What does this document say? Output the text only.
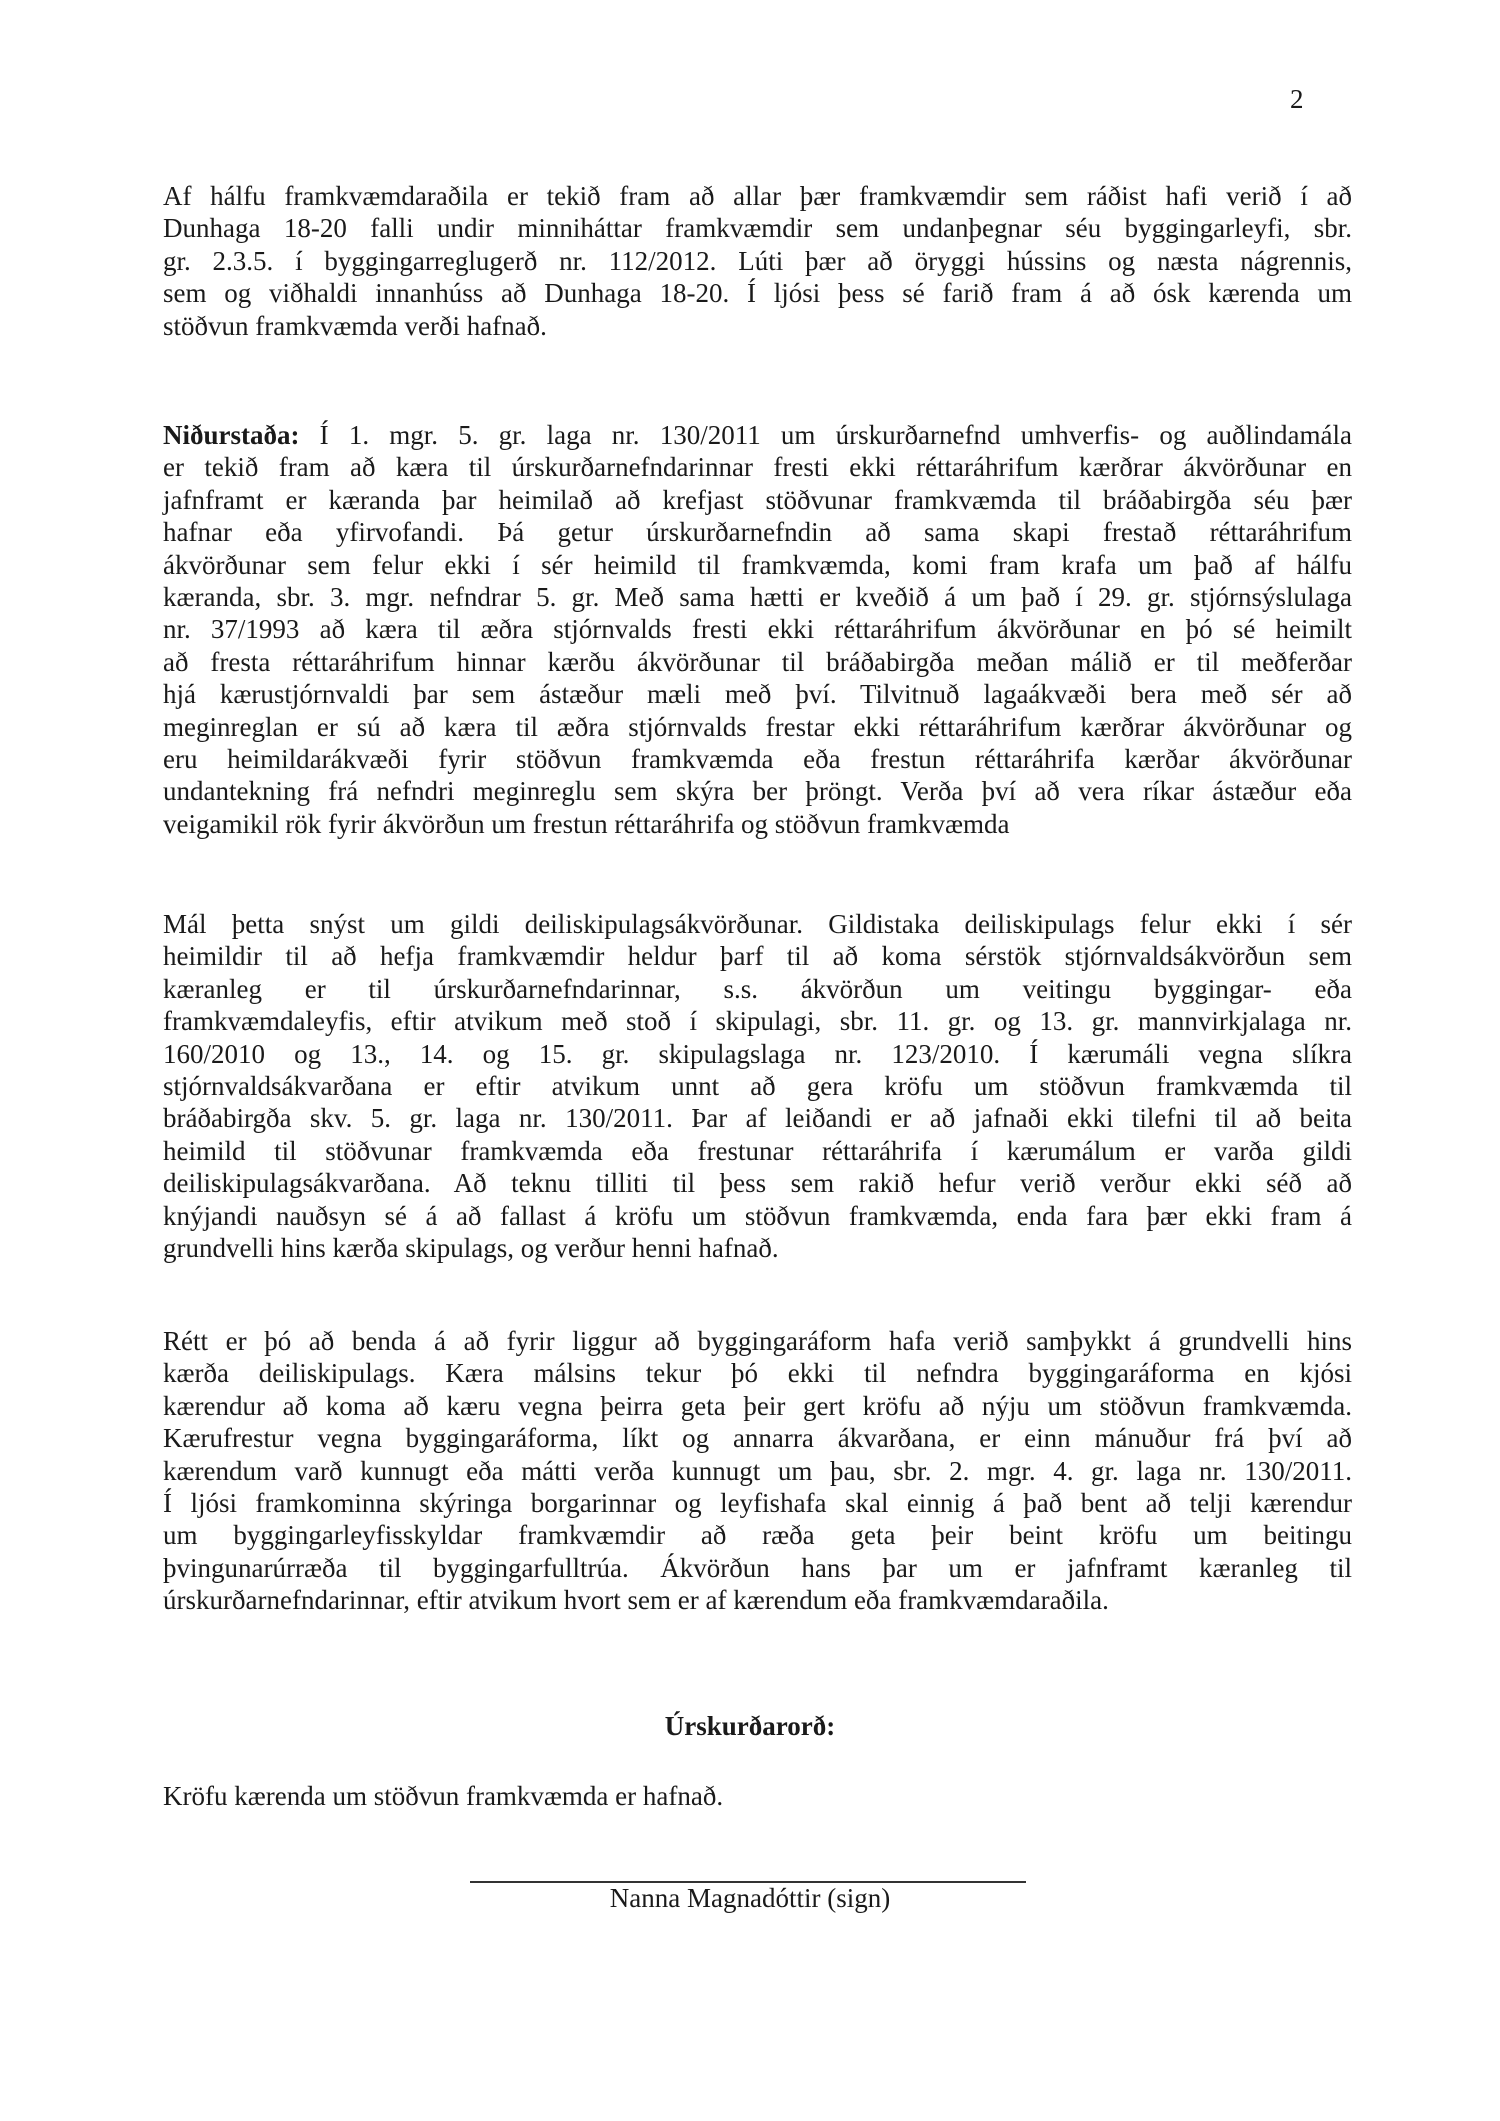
2
Af hálfu framkvæmdaraðila er tekið fram að allar þær framkvæmdir sem ráðist hafi verið í að
Dunhaga 18-20 falli undir minniháttar framkvæmdir sem undanþegnar séu byggingarleyfi, sbr.
gr. 2.3.5. í byggingarreglugerð nr. 112/2012. Lúti þær að öryggi hússins og næsta nágrennis,
sem og viðhaldi innanhúss að Dunhaga 18-20. Í ljósi þess sé farið fram á að ósk kærenda um
stöðvun framkvæmda verði hafnað.
Niðurstaða: Í 1. mgr. 5. gr. laga nr. 130/2011 um úrskurðarnefnd umhverfis- og auðlindamála
er tekið fram að kæra til úrskurðarnefndarinnar fresti ekki réttaráhrifum kærðrar ákvörðunar en
jafnframt er kæranda þar heimilað að krefjast stöðvunar framkvæmda til bráðabirgða séu þær
hafnar eða yfirvofandi. Þá getur úrskurðarnefndin að sama skapi frestað réttaráhrifum
ákvörðunar sem felur ekki í sér heimild til framkvæmda, komi fram krafa um það af hálfu
kæranda, sbr. 3. mgr. nefndrar 5. gr. Með sama hætti er kveðið á um það í 29. gr. stjórnsýslulaga
nr. 37/1993 að kæra til æðra stjórnvalds fresti ekki réttaráhrifum ákvörðunar en þó sé heimilt
að fresta réttaráhrifum hinnar kærðu ákvörðunar til bráðabirgða meðan málið er til meðferðar
hjá kærustjórnvaldi þar sem ástæður mæli með því. Tilvitnuð lagaákvæði bera með sér að
meginreglan er sú að kæra til æðra stjórnvalds frestar ekki réttaráhrifum kærðrar ákvörðunar og
eru heimildarákvæði fyrir stöðvun framkvæmda eða frestun réttaráhrifa kærðar ákvörðunar
undantekning frá nefndri meginreglu sem skýra ber þröngt. Verða því að vera ríkar ástæður eða
veigamikil rök fyrir ákvörðun um frestun réttaráhrifa og stöðvun framkvæmda
Mál þetta snýst um gildi deiliskipulagsákvörðunar. Gildistaka deiliskipulags felur ekki í sér
heimildir til að hefja framkvæmdir heldur þarf til að koma sérstök stjórnvaldsákvörðun sem
kæranleg er til úrskurðarnefndarinnar, s.s. ákvörðun um veitingu byggingar- eða
framkvæmdaleyfis, eftir atvikum með stoð í skipulagi, sbr. 11. gr. og 13. gr. mannvirkjalaga nr.
160/2010 og 13., 14. og 15. gr. skipulagslaga nr. 123/2010. Í kærumáli vegna slíkra
stjórnvaldsákvarðana er eftir atvikum unnt að gera kröfu um stöðvun framkvæmda til
bráðabirgða skv. 5. gr. laga nr. 130/2011. Þar af leiðandi er að jafnaði ekki tilefni til að beita
heimild til stöðvunar framkvæmda eða frestunar réttaráhrifa í kærumálum er varða gildi
deiliskipulagsákvarðana. Að teknu tilliti til þess sem rakið hefur verið verður ekki séð að
knýjandi nauðsyn sé á að fallast á kröfu um stöðvun framkvæmda, enda fara þær ekki fram á
grundvelli hins kærða skipulags, og verður henni hafnað.
Rétt er þó að benda á að fyrir liggur að byggingaráform hafa verið samþykkt á grundvelli hins
kærða deiliskipulags. Kæra málsins tekur þó ekki til nefndra byggingaráforma en kjósi
kærendur að koma að kæru vegna þeirra geta þeir gert kröfu að nýju um stöðvun framkvæmda.
Kærufrestur vegna byggingaráforma, líkt og annarra ákvarðana, er einn mánuður frá því að
kærendum varð kunnugt eða mátti verða kunnugt um þau, sbr. 2. mgr. 4. gr. laga nr. 130/2011.
Í ljósi framkominna skýringa borgarinnar og leyfishafa skal einnig á það bent að telji kærendur
um byggingarleyfisskyldar framkvæmdir að ræða geta þeir beint kröfu um beitingu
þvingunarúrræða til byggingarfulltrúa. Ákvörðun hans þar um er jafnframt kæranleg til
úrskurðarnefndarinnar, eftir atvikum hvort sem er af kærendum eða framkvæmdaraðila.
Úrskurðarorð:
Kröfu kærenda um stöðvun framkvæmda er hafnað.
Nanna Magnadóttir (sign)
